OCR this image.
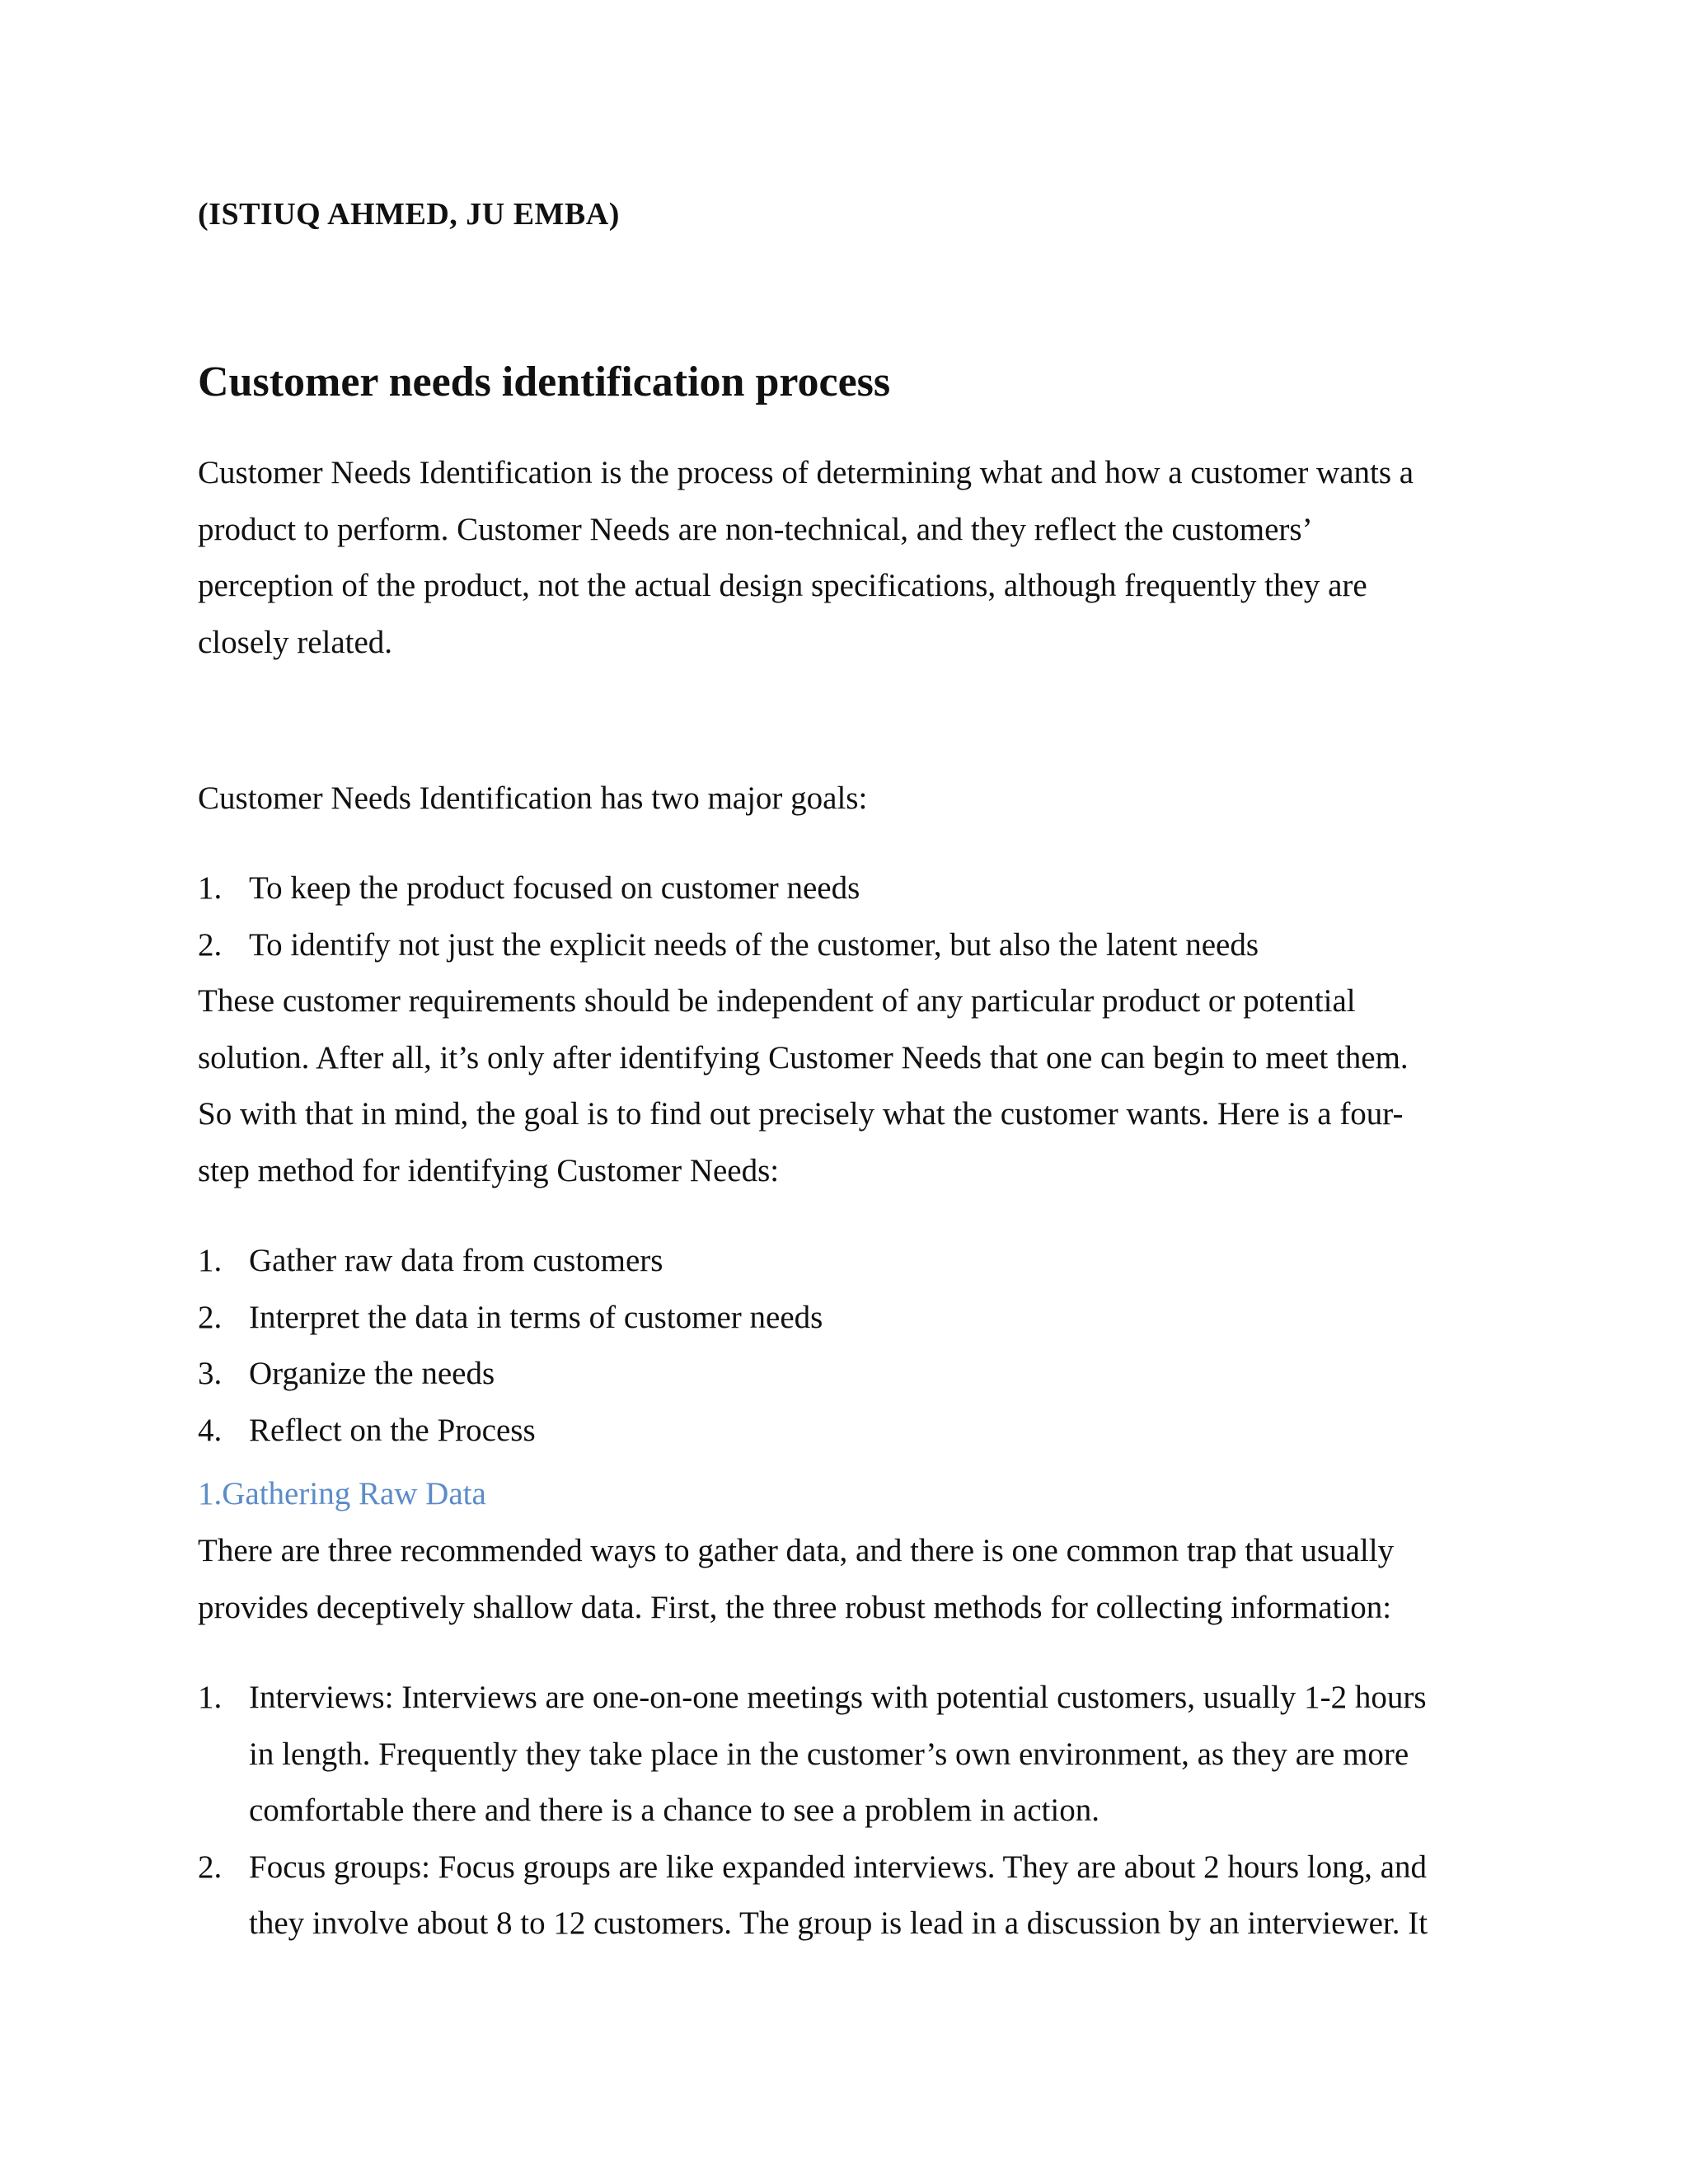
(ISTIUQ AHMED, JU EMBA)
Customer needs identification process

Customer Needs Identification is the process of determining what and how a customer wants a
product to perform. Customer Needs are non-technical, and they reflect the customers’
perception of the product, not the actual design specifications, although frequently they are
closely related.

Customer Needs Identification has two major goals:

1. To keep the product focused on customer needs
2. To identify not just the explicit needs of the customer, but also the latent needs

These customer requirements should be independent of any particular product or potential
solution. After all, it’s only after identifying Customer Needs that one can begin to meet them.
So with that in mind, the goal is to find out precisely what the customer wants. Here is a four-
step method for identifying Customer Needs:

1. Gather raw data from customers
2. Interpret the data in terms of customer needs
3. Organize the needs
4. Reflect on the Process
1.Gathering Raw Data

There are three recommended ways to gather data, and there is one common trap that usually
provides deceptively shallow data. First, the three robust methods for collecting information:

1. Interviews: Interviews are one-on-one meetings with potential customers, usually 1-2 hours
in length. Frequently they take place in the customer’s own environment, as they are more
comfortable there and there is a chance to see a problem in action.
2. Focus groups: Focus groups are like expanded interviews. They are about 2 hours long, and
they involve about 8 to 12 customers. The group is lead in a discussion by an interviewer. It
